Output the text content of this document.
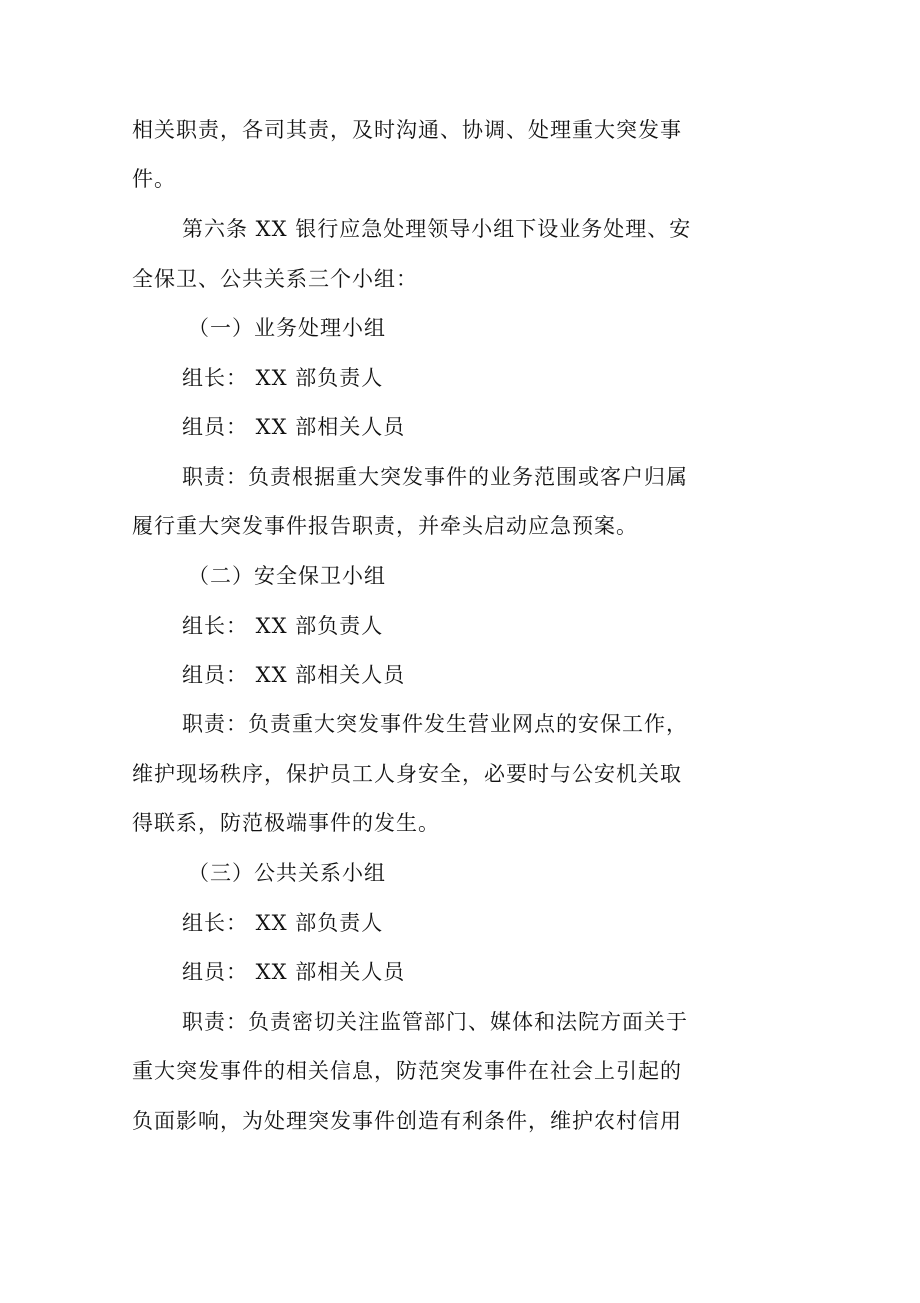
相关职责，各司其责，及时沟通、协调、处理重大突发事
件。
第六条 XX 银行应急处理领导小组下设业务处理、安
全保卫、公共关系三个小组：
（一）业务处理小组
组长： XX 部负责人
组员： XX 部相关人员
职责：负责根据重大突发事件的业务范围或客户归属
履行重大突发事件报告职责，并牵头启动应急预案。
（二）安全保卫小组
组长： XX 部负责人
组员： XX 部相关人员
职责：负责重大突发事件发生营业网点的安保工作，
维护现场秩序，保护员工人身安全，必要时与公安机关取
得联系，防范极端事件的发生。
（三）公共关系小组
组长： XX 部负责人
组员： XX 部相关人员
职责：负责密切关注监管部门、媒体和法院方面关于
重大突发事件的相关信息，防范突发事件在社会上引起的
负面影响，为处理突发事件创造有利条件，维护农村信用
